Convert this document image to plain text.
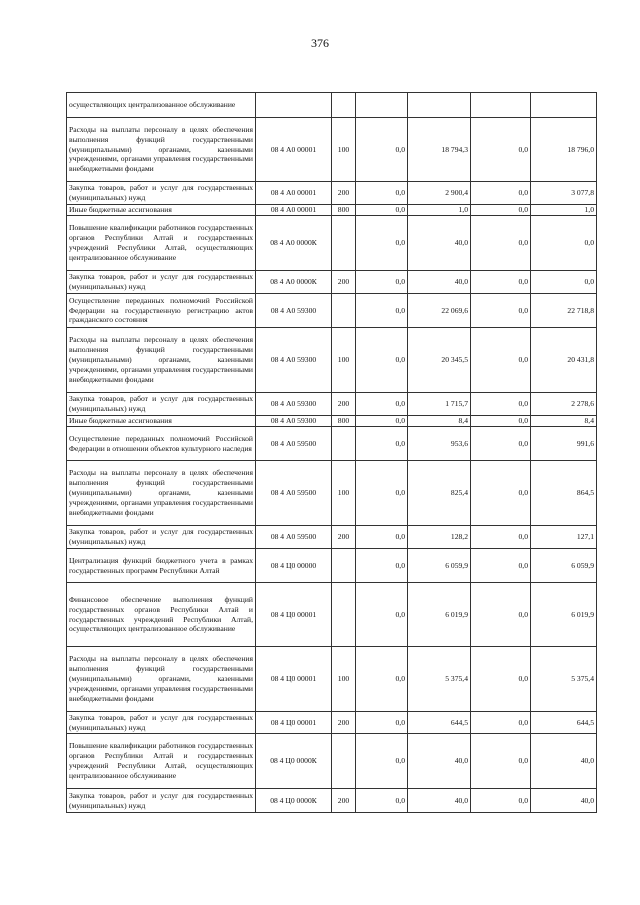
376
осуществляющих централизованное обслуживание						
Расходы на выплаты персоналу в целях обеспечения выполнения функций государственными (муниципальными) органами, казенными учреждениями, органами управления государственными внебюджетными фондами	08 4 А0 00001	100	0,0	18 794,3	0,0	18 796,0
Закупка товаров, работ и услуг для государственных (муниципальных) нужд	08 4 А0 00001	200	0,0	2 900,4	0,0	3 077,8
Иные бюджетные ассигнования	08 4 А0 00001	800	0,0	1,0	0,0	1,0
Повышение квалификации работников государственных органов Республики Алтай и государственных учреждений Республики Алтай, осуществляющих централизованное обслуживание	08 4 А0 0000К		0,0	40,0	0,0	0,0
Закупка товаров, работ и услуг для государственных (муниципальных) нужд	08 4 А0 0000К	200	0,0	40,0	0,0	0,0
Осуществление переданных полномочий Российской Федерации на государственную регистрацию актов гражданского состояния	08 4 А0 59300		0,0	22 069,6	0,0	22 718,8
Расходы на выплаты персоналу в целях обеспечения выполнения функций государственными (муниципальными) органами, казенными учреждениями, органами управления государственными внебюджетными фондами	08 4 А0 59300	100	0,0	20 345,5	0,0	20 431,8
Закупка товаров, работ и услуг для государственных (муниципальных) нужд	08 4 А0 59300	200	0,0	1 715,7	0,0	2 278,6
Иные бюджетные ассигнования	08 4 А0 59300	800	0,0	8,4	0,0	8,4
Осуществление переданных полномочий Российской Федерации в отношении объектов культурного наследия	08 4 А0 59500		0,0	953,6	0,0	991,6
Расходы на выплаты персоналу в целях обеспечения выполнения функций государственными (муниципальными) органами, казенными учреждениями, органами управления государственными внебюджетными фондами	08 4 А0 59500	100	0,0	825,4	0,0	864,5
Закупка товаров, работ и услуг для государственных (муниципальных) нужд	08 4 А0 59500	200	0,0	128,2	0,0	127,1
Централизация функций бюджетного учета в рамках государственных программ Республики Алтай	08 4 Ц0 00000		0,0	6 059,9	0,0	6 059,9
Финансовое обеспечение выполнения функций государственных органов Республики Алтай и государственных учреждений Республики Алтай, осуществляющих централизованное обслуживание	08 4 Ц0 00001		0,0	6 019,9	0,0	6 019,9
Расходы на выплаты персоналу в целях обеспечения выполнения функций государственными (муниципальными) органами, казенными учреждениями, органами управления государственными внебюджетными фондами	08 4 Ц0 00001	100	0,0	5 375,4	0,0	5 375,4
Закупка товаров, работ и услуг для государственных (муниципальных) нужд	08 4 Ц0 00001	200	0,0	644,5	0,0	644,5
Повышение квалификации работников государственных органов Республики Алтай и государственных учреждений Республики Алтай, осуществляющих централизованное обслуживание	08 4 Ц0 0000К		0,0	40,0	0,0	40,0
Закупка товаров, работ и услуг для государственных (муниципальных) нужд	08 4 Ц0 0000К	200	0,0	40,0	0,0	40,0
